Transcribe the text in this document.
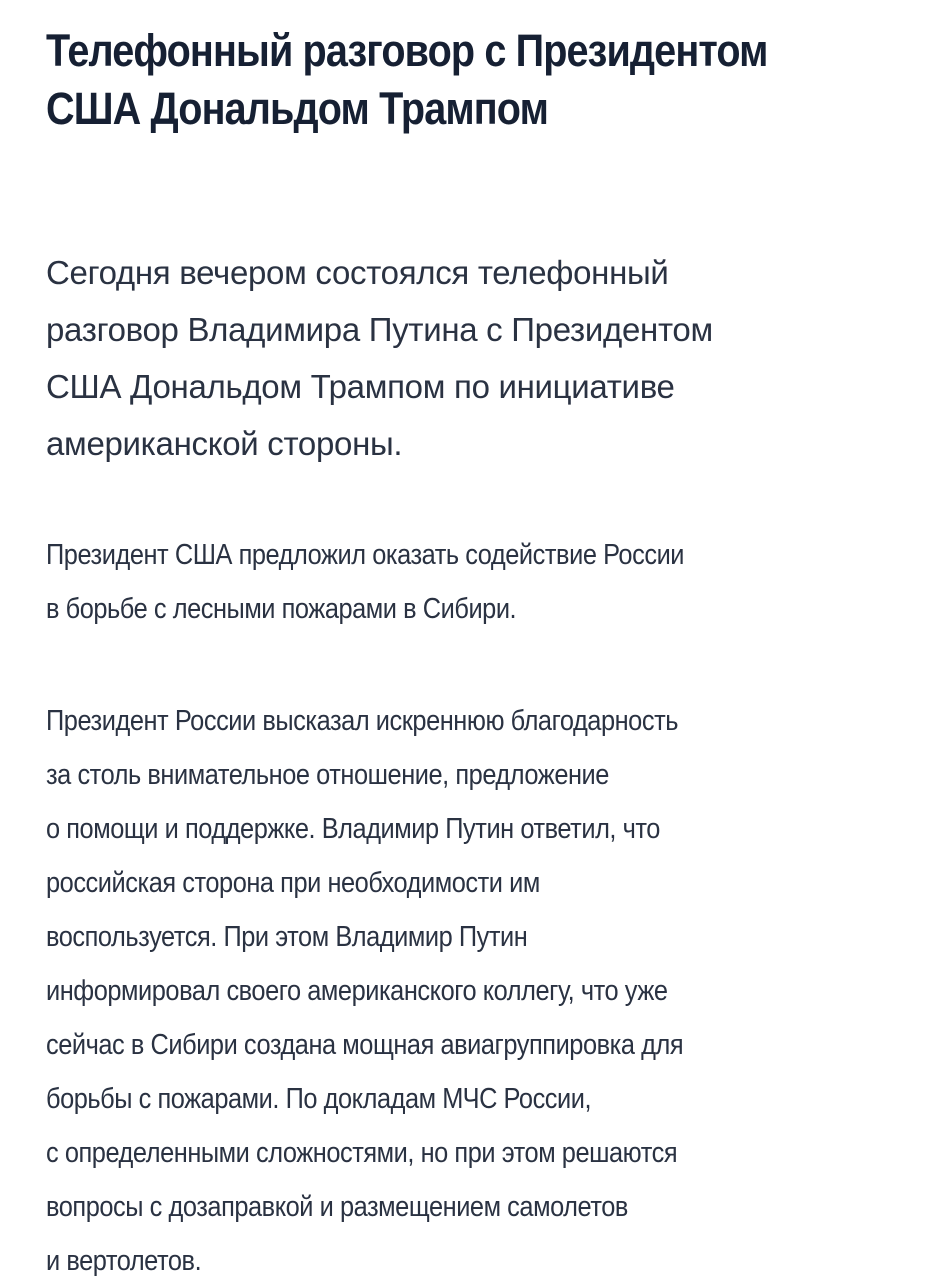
Телефонный разговор с Президентом
США Дональдом Трампом

Сегодня вечером состоялся телефонный
разговор Владимира Путина с Президентом
США Дональдом Трампом по инициативе
американской стороны.

Президент США предложил оказать содействие России
в борьбе с лесными пожарами в Сибири.

Президент России высказал искреннюю благодарность
за столь внимательное отношение, предложение
о помощи и поддержке. Владимир Путин ответил, что
российская сторона при необходимости им
воспользуется. При этом Владимир Путин
информировал своего американского коллегу, что уже
сейчас в Сибири создана мощная авиагруппировка для
борьбы с пожарами. По докладам МЧС России,
с определенными сложностями, но при этом решаются
вопросы с дозаправкой и размещением самолетов
и вертолетов.
